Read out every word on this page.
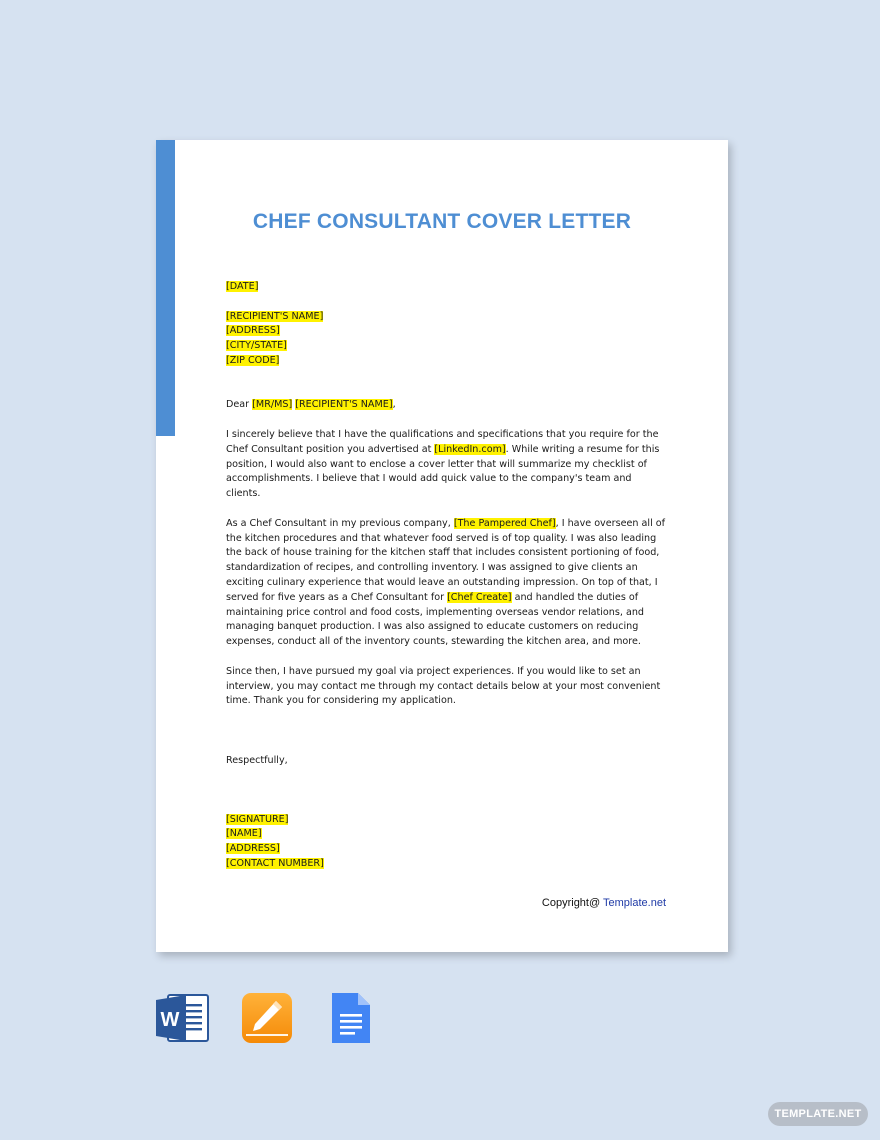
CHEF CONSULTANT COVER LETTER
[DATE]
[RECIPIENT'S NAME]
[ADDRESS]
[CITY/STATE]
[ZIP CODE]

Dear [MR/MS] [RECIPIENT'S NAME],

I sincerely believe that I have the qualifications and specifications that you require for the Chef Consultant position you advertised at [LinkedIn.com]. While writing a resume for this position, I would also want to enclose a cover letter that will summarize my checklist of accomplishments. I believe that I would add quick value to the company's team and clients.

As a Chef Consultant in my previous company, [The Pampered Chef], I have overseen all of the kitchen procedures and that whatever food served is of top quality. I was also leading the back of house training for the kitchen staff that includes consistent portioning of food, standardization of recipes, and controlling inventory. I was assigned to give clients an exciting culinary experience that would leave an outstanding impression. On top of that, I served for five years as a Chef Consultant for [Chef Create] and handled the duties of maintaining price control and food costs, implementing overseas vendor relations, and managing banquet production. I was also assigned to educate customers on reducing expenses, conduct all of the inventory counts, stewarding the kitchen area, and more.

Since then, I have pursued my goal via project experiences. If you would like to set an interview, you may contact me through my contact details below at your most convenient time. Thank you for considering my application.

Respectfully,

[SIGNATURE]
[NAME]
[ADDRESS]
[CONTACT NUMBER]
Copyright@ Template.net
W
TEMPLATE.NET
